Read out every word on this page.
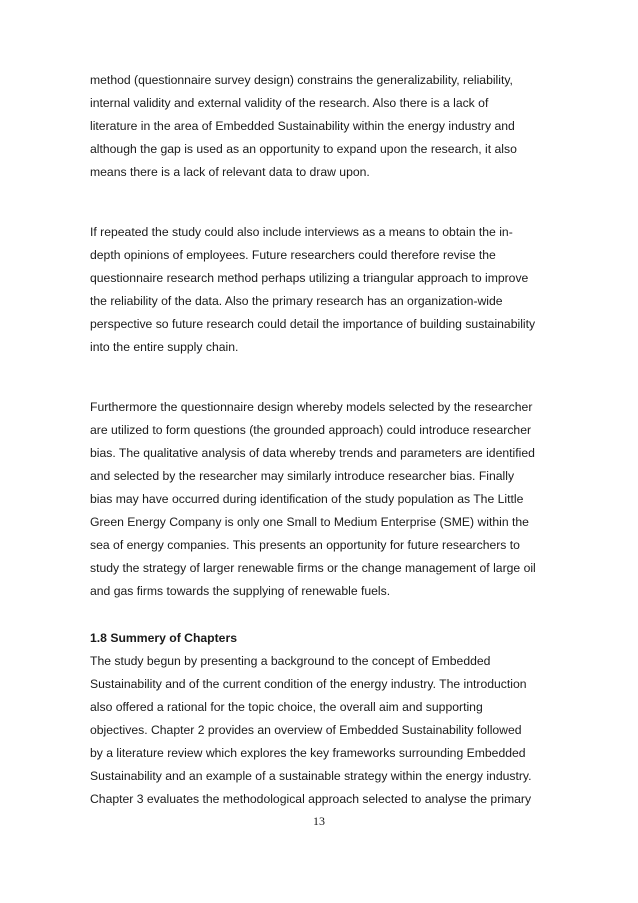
method (questionnaire survey design) constrains the generalizability, reliability,
internal validity and external validity of the research. Also there is a lack of
literature in the area of Embedded Sustainability within the energy industry and
although the gap is used as an opportunity to expand upon the research, it also
means there is a lack of relevant data to draw upon.
If repeated the study could also include interviews as a means to obtain the in-
depth opinions of employees. Future researchers could therefore revise the
questionnaire research method perhaps utilizing a triangular approach to improve
the reliability of the data. Also the primary research has an organization-wide
perspective so future research could detail the importance of building sustainability
into the entire supply chain.
Furthermore the questionnaire design whereby models selected by the researcher
are utilized to form questions (the grounded approach) could introduce researcher
bias. The qualitative analysis of data whereby trends and parameters are identified
and selected by the researcher may similarly introduce researcher bias. Finally
bias may have occurred during identification of the study population as The Little
Green Energy Company is only one Small to Medium Enterprise (SME) within the
sea of energy companies. This presents an opportunity for future researchers to
study the strategy of larger renewable firms or the change management of large oil
and gas firms towards the supplying of renewable fuels.
1.8 Summery of Chapters
The study begun by presenting a background to the concept of Embedded
Sustainability and of the current condition of the energy industry. The introduction
also offered a rational for the topic choice, the overall aim and supporting
objectives. Chapter 2 provides an overview of Embedded Sustainability followed
by a literature review which explores the key frameworks surrounding Embedded
Sustainability and an example of a sustainable strategy within the energy industry.
Chapter 3 evaluates the methodological approach selected to analyse the primary
13
